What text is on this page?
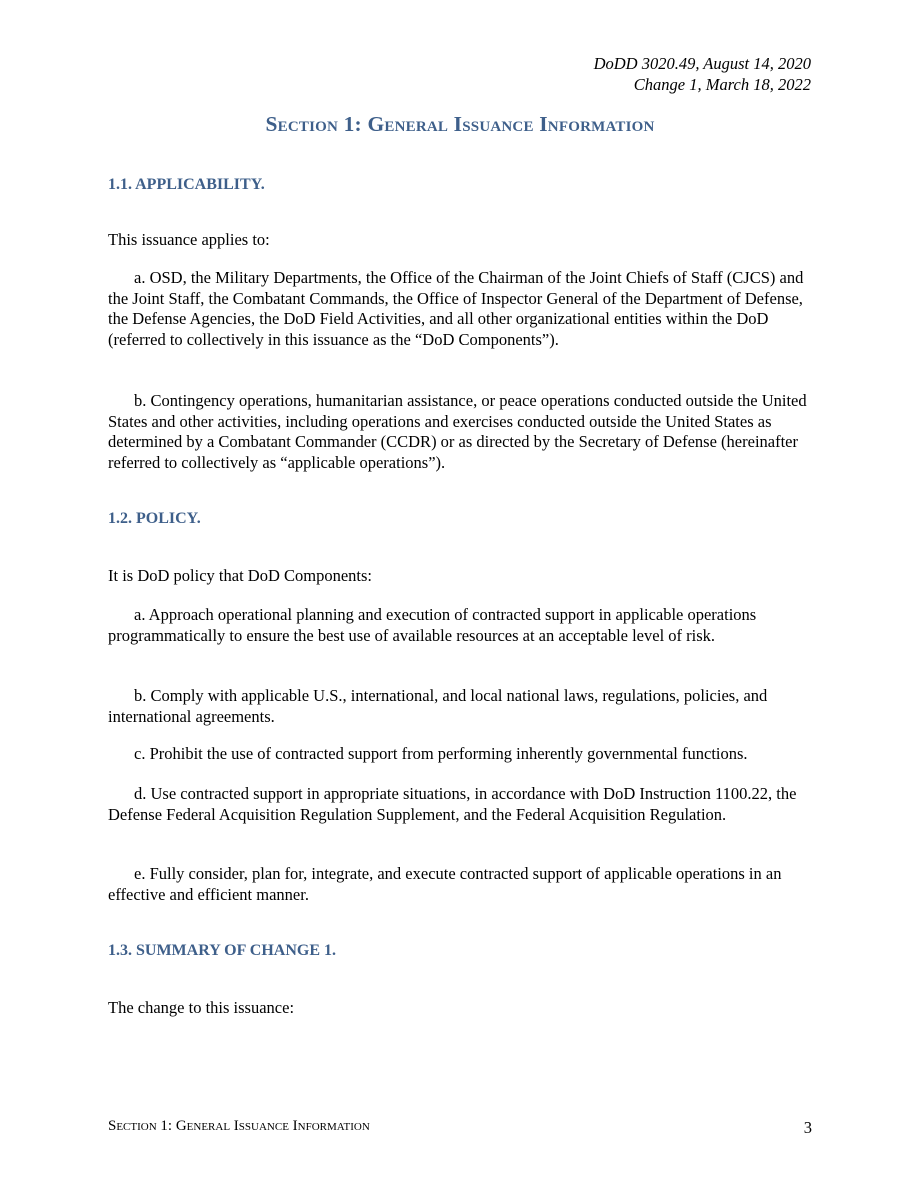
DoDD 3020.49, August 14, 2020
Change 1, March 18, 2022
Section 1: General Issuance Information
1.1. APPLICABILITY.
This issuance applies to:
a. OSD, the Military Departments, the Office of the Chairman of the Joint Chiefs of Staff (CJCS) and the Joint Staff, the Combatant Commands, the Office of Inspector General of the Department of Defense, the Defense Agencies, the DoD Field Activities, and all other organizational entities within the DoD (referred to collectively in this issuance as the “DoD Components”).
b. Contingency operations, humanitarian assistance, or peace operations conducted outside the United States and other activities, including operations and exercises conducted outside the United States as determined by a Combatant Commander (CCDR) or as directed by the Secretary of Defense (hereinafter referred to collectively as “applicable operations”).
1.2. POLICY.
It is DoD policy that DoD Components:
a. Approach operational planning and execution of contracted support in applicable operations programmatically to ensure the best use of available resources at an acceptable level of risk.
b. Comply with applicable U.S., international, and local national laws, regulations, policies, and international agreements.
c. Prohibit the use of contracted support from performing inherently governmental functions.
d. Use contracted support in appropriate situations, in accordance with DoD Instruction 1100.22, the Defense Federal Acquisition Regulation Supplement, and the Federal Acquisition Regulation.
e. Fully consider, plan for, integrate, and execute contracted support of applicable operations in an effective and efficient manner.
1.3. SUMMARY OF CHANGE 1.
The change to this issuance:
Section 1: General Issuance Information	3
